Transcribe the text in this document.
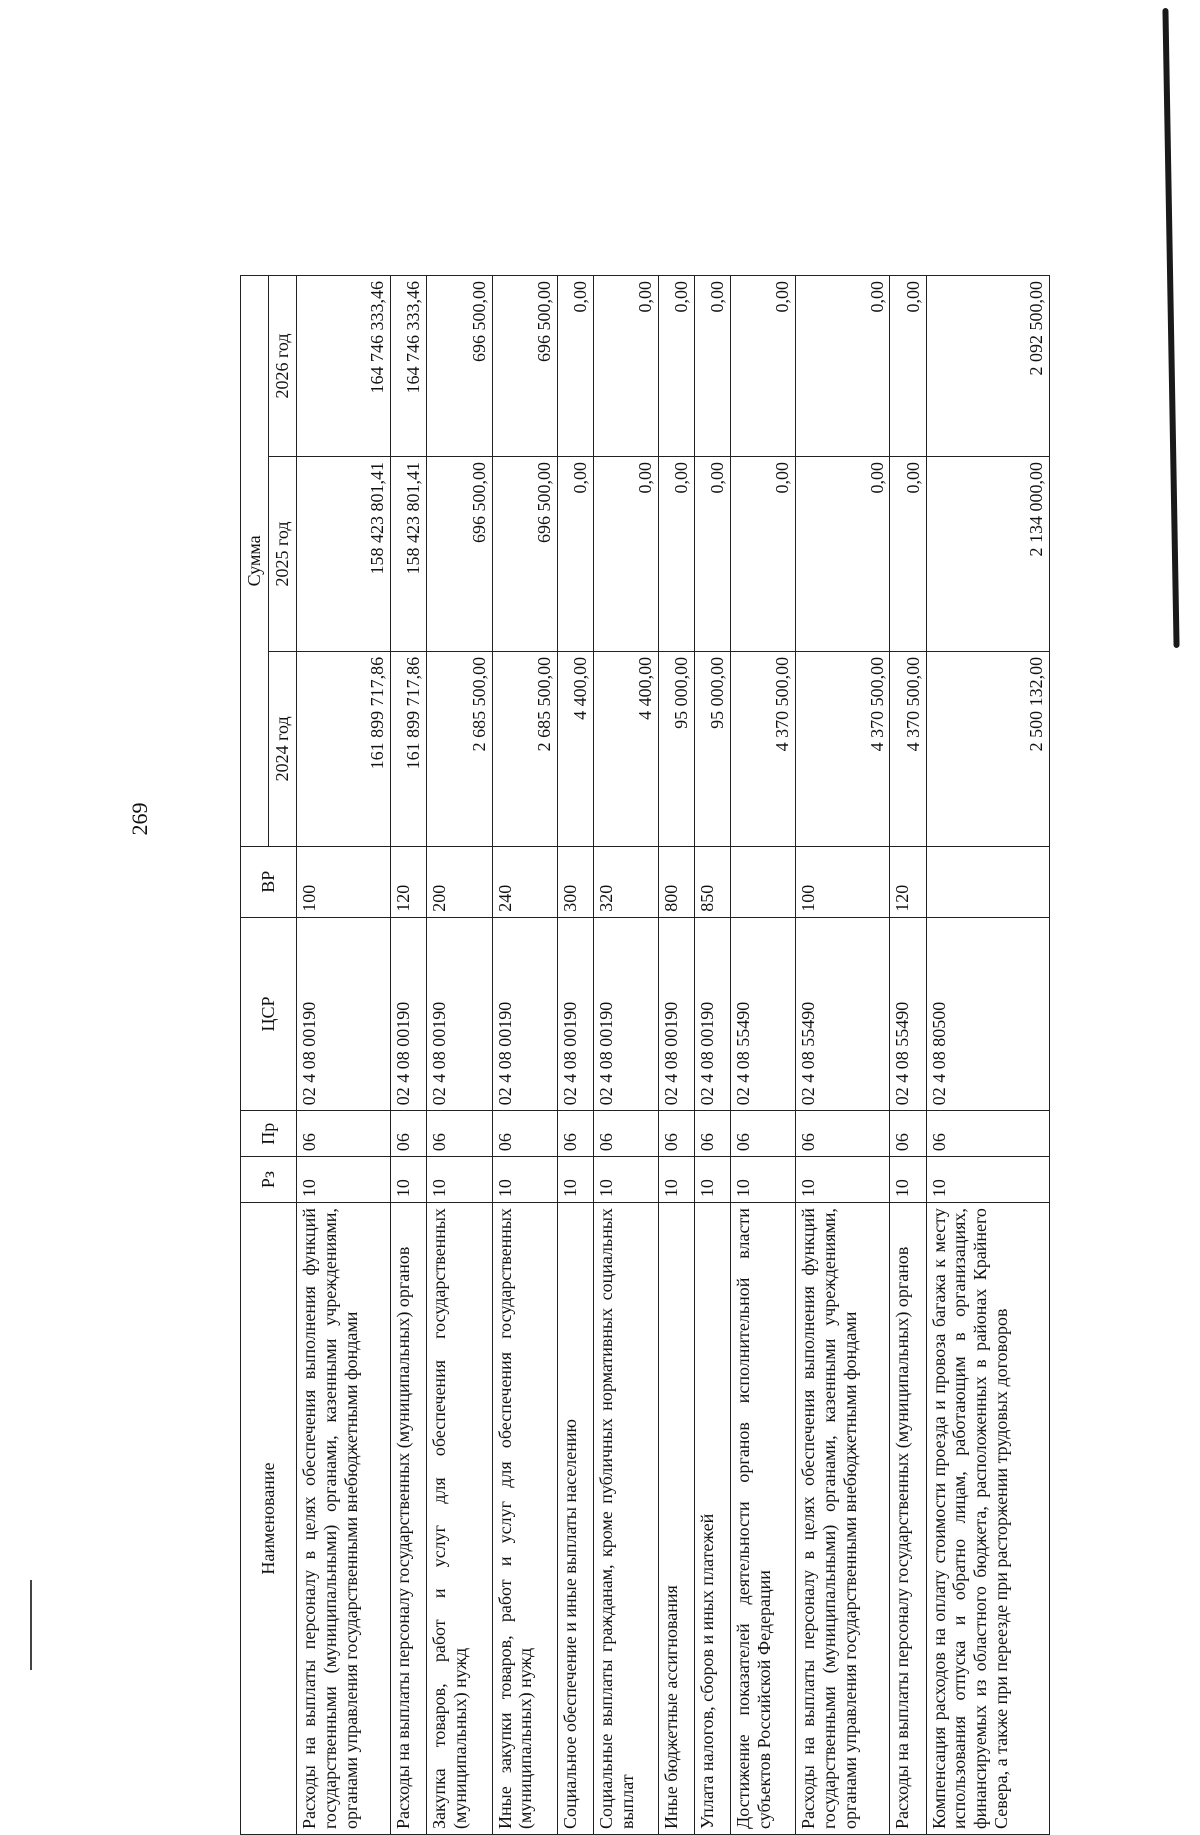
269
Наименование	Рз	Пр	ЦСР	ВР	Сумма		
					2024 год	2025 год	2026 год
Расходы на выплаты персоналу в целях обеспечения выполнения функций государственными (муниципальными) органами, казенными учреждениями, органами управления государственными внебюджетными фондами	10	06	02 4 08 00190	100	161 899 717,86	158 423 801,41	164 746 333,46
Расходы на выплаты персоналу государственных (муниципальных) органов	10	06	02 4 08 00190	120	161 899 717,86	158 423 801,41	164 746 333,46
Закупка товаров, работ и услуг для обеспечения государственных (муниципальных) нужд	10	06	02 4 08 00190	200	2 685 500,00	696 500,00	696 500,00
Иные закупки товаров, работ и услуг для обеспечения государственных (муниципальных) нужд	10	06	02 4 08 00190	240	2 685 500,00	696 500,00	696 500,00
Социальное обеспечение и иные выплаты населению	10	06	02 4 08 00190	300	4 400,00	0,00	0,00
Социальные выплаты гражданам, кроме публичных нормативных социальных выплат	10	06	02 4 08 00190	320	4 400,00	0,00	0,00
Иные бюджетные ассигнования	10	06	02 4 08 00190	800	95 000,00	0,00	0,00
Уплата налогов, сборов и иных платежей	10	06	02 4 08 00190	850	95 000,00	0,00	0,00
Достижение показателей деятельности органов исполнительной власти субъектов Российской Федерации	10	06	02 4 08 55490		4 370 500,00	0,00	0,00
Расходы на выплаты персоналу в целях обеспечения выполнения функций государственными (муниципальными) органами, казенными учреждениями, органами управления государственными внебюджетными фондами	10	06	02 4 08 55490	100	4 370 500,00	0,00	0,00
Расходы на выплаты персоналу государственных (муниципальных) органов	10	06	02 4 08 55490	120	4 370 500,00	0,00	0,00
Компенсация расходов на оплату стоимости проезда и провоза багажа к месту использования отпуска и обратно лицам, работающим в организациях, финансируемых из областного бюджета, расположенных в районах Крайнего Севера, а также при переезде при расторжении трудовых договоров	10	06	02 4 08 80500		2 500 132,00	2 134 000,00	2 092 500,00
